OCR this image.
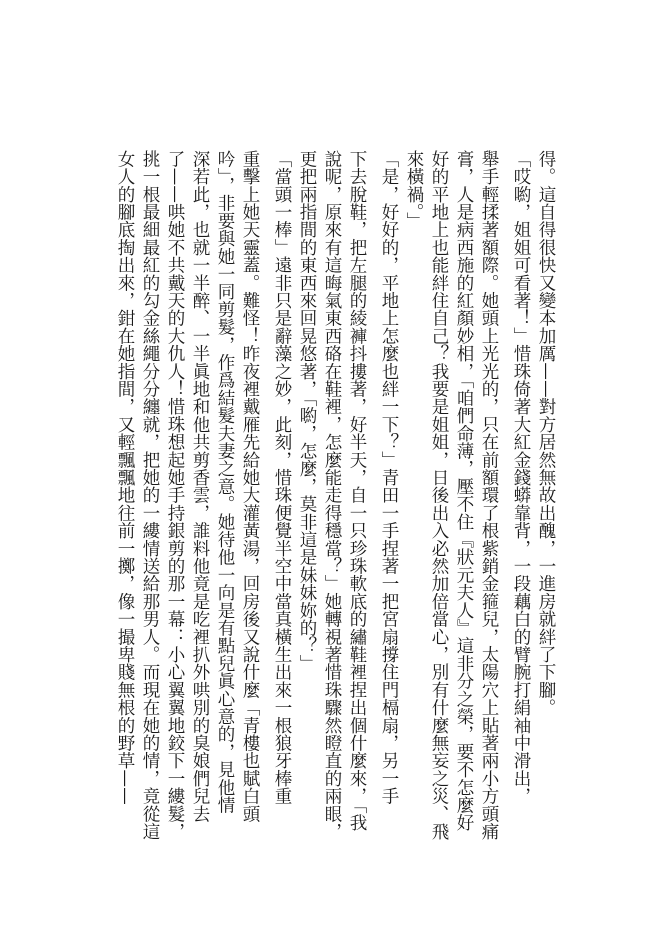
得。這自得很快又變本加厲——對方居然無故出醜，一進房就絆了下腳。

「哎喲，姐姐可看著！」惜珠倚著大紅金錢蟒靠背，一段藕白的臂腕打絹袖中滑出，

舉手輕揉著額際。她頭上光光的，只在前額環了根紫銷金箍兒，太陽穴上貼著兩小方頭痛

膏，人是病西施的紅顏妙相，「咱們命薄，壓不住『狀元夫人』這非分之榮，要不怎麼好

好的平地上也能絆住自己？我要是姐姐，日後出入必然加倍當心，別有什麼無妄之災、飛

來橫禍。」

「是，好好的，平地上怎麼也絆一下？」青田一手捏著一把宮扇撐住門槅扇，另一手

下去脫鞋，把左腿的綾褲抖摟著，好半天，自一只珍珠軟底的繡鞋裡捏出個什麼來，「我

說呢，原來有這晦氣東西硌在鞋裡，怎麼能走得穩當？」她轉視著惜珠驟然瞪直的兩眼，

更把兩指間的東西來回晃悠著，「喲，怎麼，莫非這是妹妹妳的？」

「當頭一棒」遠非只是辭藻之妙，此刻，惜珠便覺半空中當真橫生出來一根狼牙棒重

重擊上她天靈蓋。難怪！昨夜裡戴雁先給她大灌黃湯，回房後又說什麼「青樓也賦白頭

吟」，非要與她一同剪髮，作爲結髮夫妻之意。她待他一向是有點兒眞心意的，見他情

深若此，也就一半醉、一半眞地和他共剪香雲，誰料他竟是吃裡扒外哄別的臭娘們兒去

了——哄她不共戴天的大仇人！惜珠想起她手持銀剪的那一幕：小心翼翼地鉸下一縷髮，

挑一根最細最紅的勾金絲繩分分纏就，把她的一縷情送給那男人。而現在她的情，竟從這

女人的腳底掏出來，鉗在她指間，又輕飄飄地往前一擲，像一撮卑賤無根的野草——
